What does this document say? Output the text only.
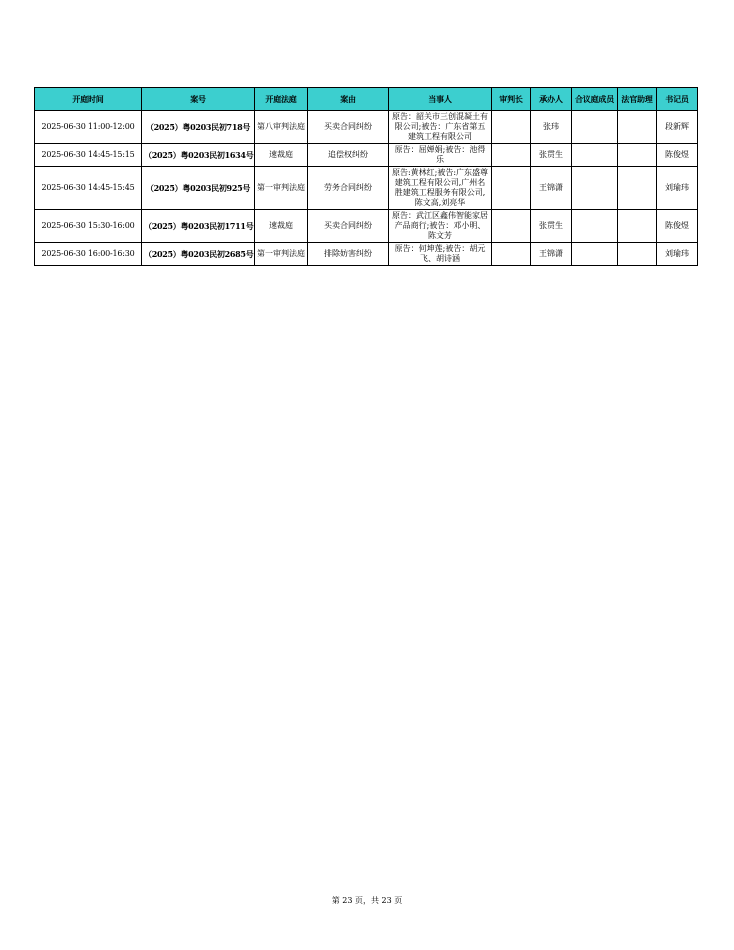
开庭时间	案号	开庭法庭	案由	当事人	审判长	承办人	合议庭成员	法官助理	书记员
2025-06-30 11:00-12:00	（2025）粤0203民初718号	第八审判法庭	买卖合同纠纷	原告：韶关市三创混凝土有限公司;被告：广东省第五建筑工程有限公司		张玮			段新辉
2025-06-30 14:45-15:15	（2025）粤0203民初1634号	速裁庭	追偿权纠纷	原告：屈婵娟;被告：池得乐		张贯生			陈俊煜
2025-06-30 14:45-15:45	（2025）粤0203民初925号	第一审判法庭	劳务合同纠纷	原告:黄林红;被告:广东盛尊建筑工程有限公司,广州名胜建筑工程服务有限公司,陈文高,刘亮华		王锦潇			刘瑜玮
2025-06-30 15:30-16:00	（2025）粤0203民初1711号	速裁庭	买卖合同纠纷	原告：武江区鑫伟智能家居产品商行;被告：邓小明、陈文芳		张贯生			陈俊煜
2025-06-30 16:00-16:30	（2025）粤0203民初2685号	第一审判法庭	排除妨害纠纷	原告：何坤莲;被告：胡元飞、胡诗涵		王锦潇			刘瑜玮
第 23 页，共 23 页
